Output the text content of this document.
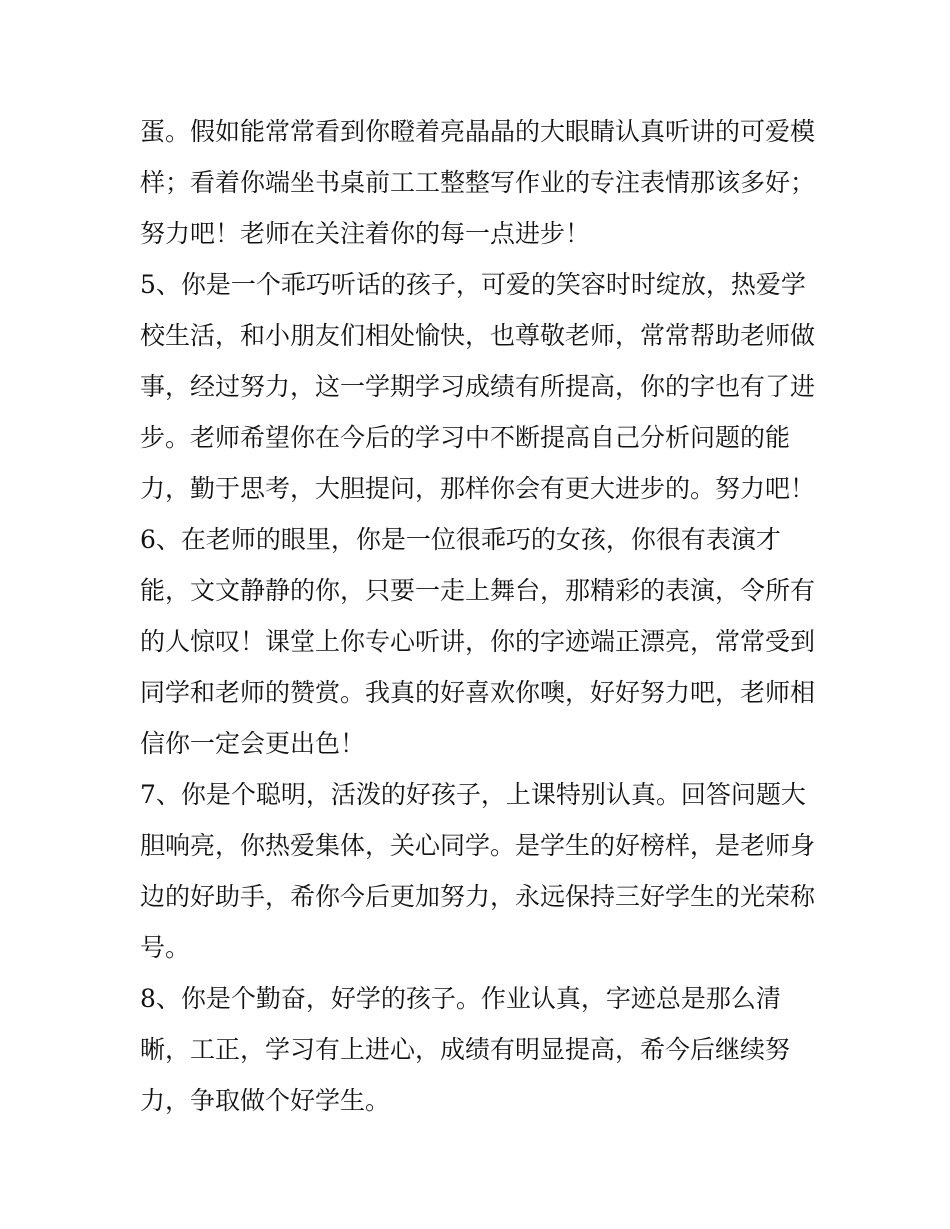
蛋。假如能常常看到你瞪着亮晶晶的大眼睛认真听讲的可爱模
样；看着你端坐书桌前工工整整写作业的专注表情那该多好；
努力吧！老师在关注着你的每一点进步！
5、你是一个乖巧听话的孩子，可爱的笑容时时绽放，热爱学
校生活，和小朋友们相处愉快，也尊敬老师，常常帮助老师做
事，经过努力，这一学期学习成绩有所提高，你的字也有了进
步。老师希望你在今后的学习中不断提高自己分析问题的能
力，勤于思考，大胆提问，那样你会有更大进步的。努力吧！
6、在老师的眼里，你是一位很乖巧的女孩，你很有表演才
能，文文静静的你，只要一走上舞台，那精彩的表演，令所有
的人惊叹！课堂上你专心听讲，你的字迹端正漂亮，常常受到
同学和老师的赞赏。我真的好喜欢你噢，好好努力吧，老师相
信你一定会更出色！
7、你是个聪明，活泼的好孩子，上课特别认真。回答问题大
胆响亮，你热爱集体，关心同学。是学生的好榜样，是老师身
边的好助手，希你今后更加努力，永远保持三好学生的光荣称
号。
8、你是个勤奋，好学的孩子。作业认真，字迹总是那么清
晰，工正，学习有上进心，成绩有明显提高，希今后继续努
力，争取做个好学生。
